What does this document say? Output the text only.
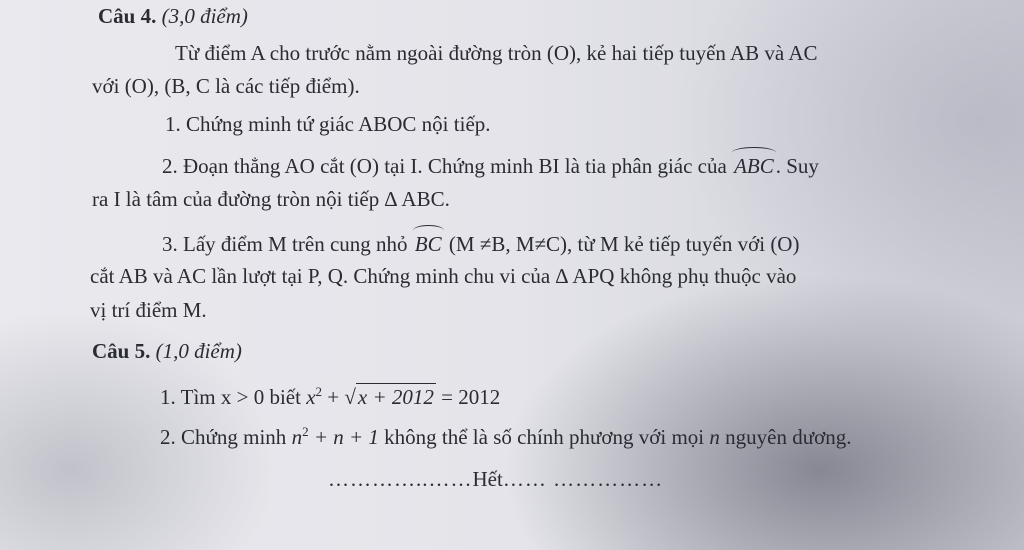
Câu 4. (3,0 điểm)
Từ điểm A cho trước nằm ngoài đường tròn (O), kẻ hai tiếp tuyến AB và AC
với (O), (B, C là các tiếp điểm).
1. Chứng minh tứ giác ABOC nội tiếp.
2. Đoạn thẳng AO cắt (O) tại I. Chứng minh BI là tia phân giác của ABC. Suy
ra I là tâm của đường tròn nội tiếp ∆ ABC.
3. Lấy điểm M trên cung nhỏ BC (M ≠B, M≠C), từ M kẻ tiếp tuyến với (O)
cắt AB và AC lần lượt tại P, Q. Chứng minh chu vi của ∆ APQ không phụ thuộc vào
vị trí điểm M.
Câu 5. (1,0 điểm)
1. Tìm x > 0 biết $x^2 + √x + 2012 = 2012$
2. Chứng minh $n^2 + n + 1$ không thể là số chính phương với mọi n nguyên dương.
…………..……Hết…… ……………
